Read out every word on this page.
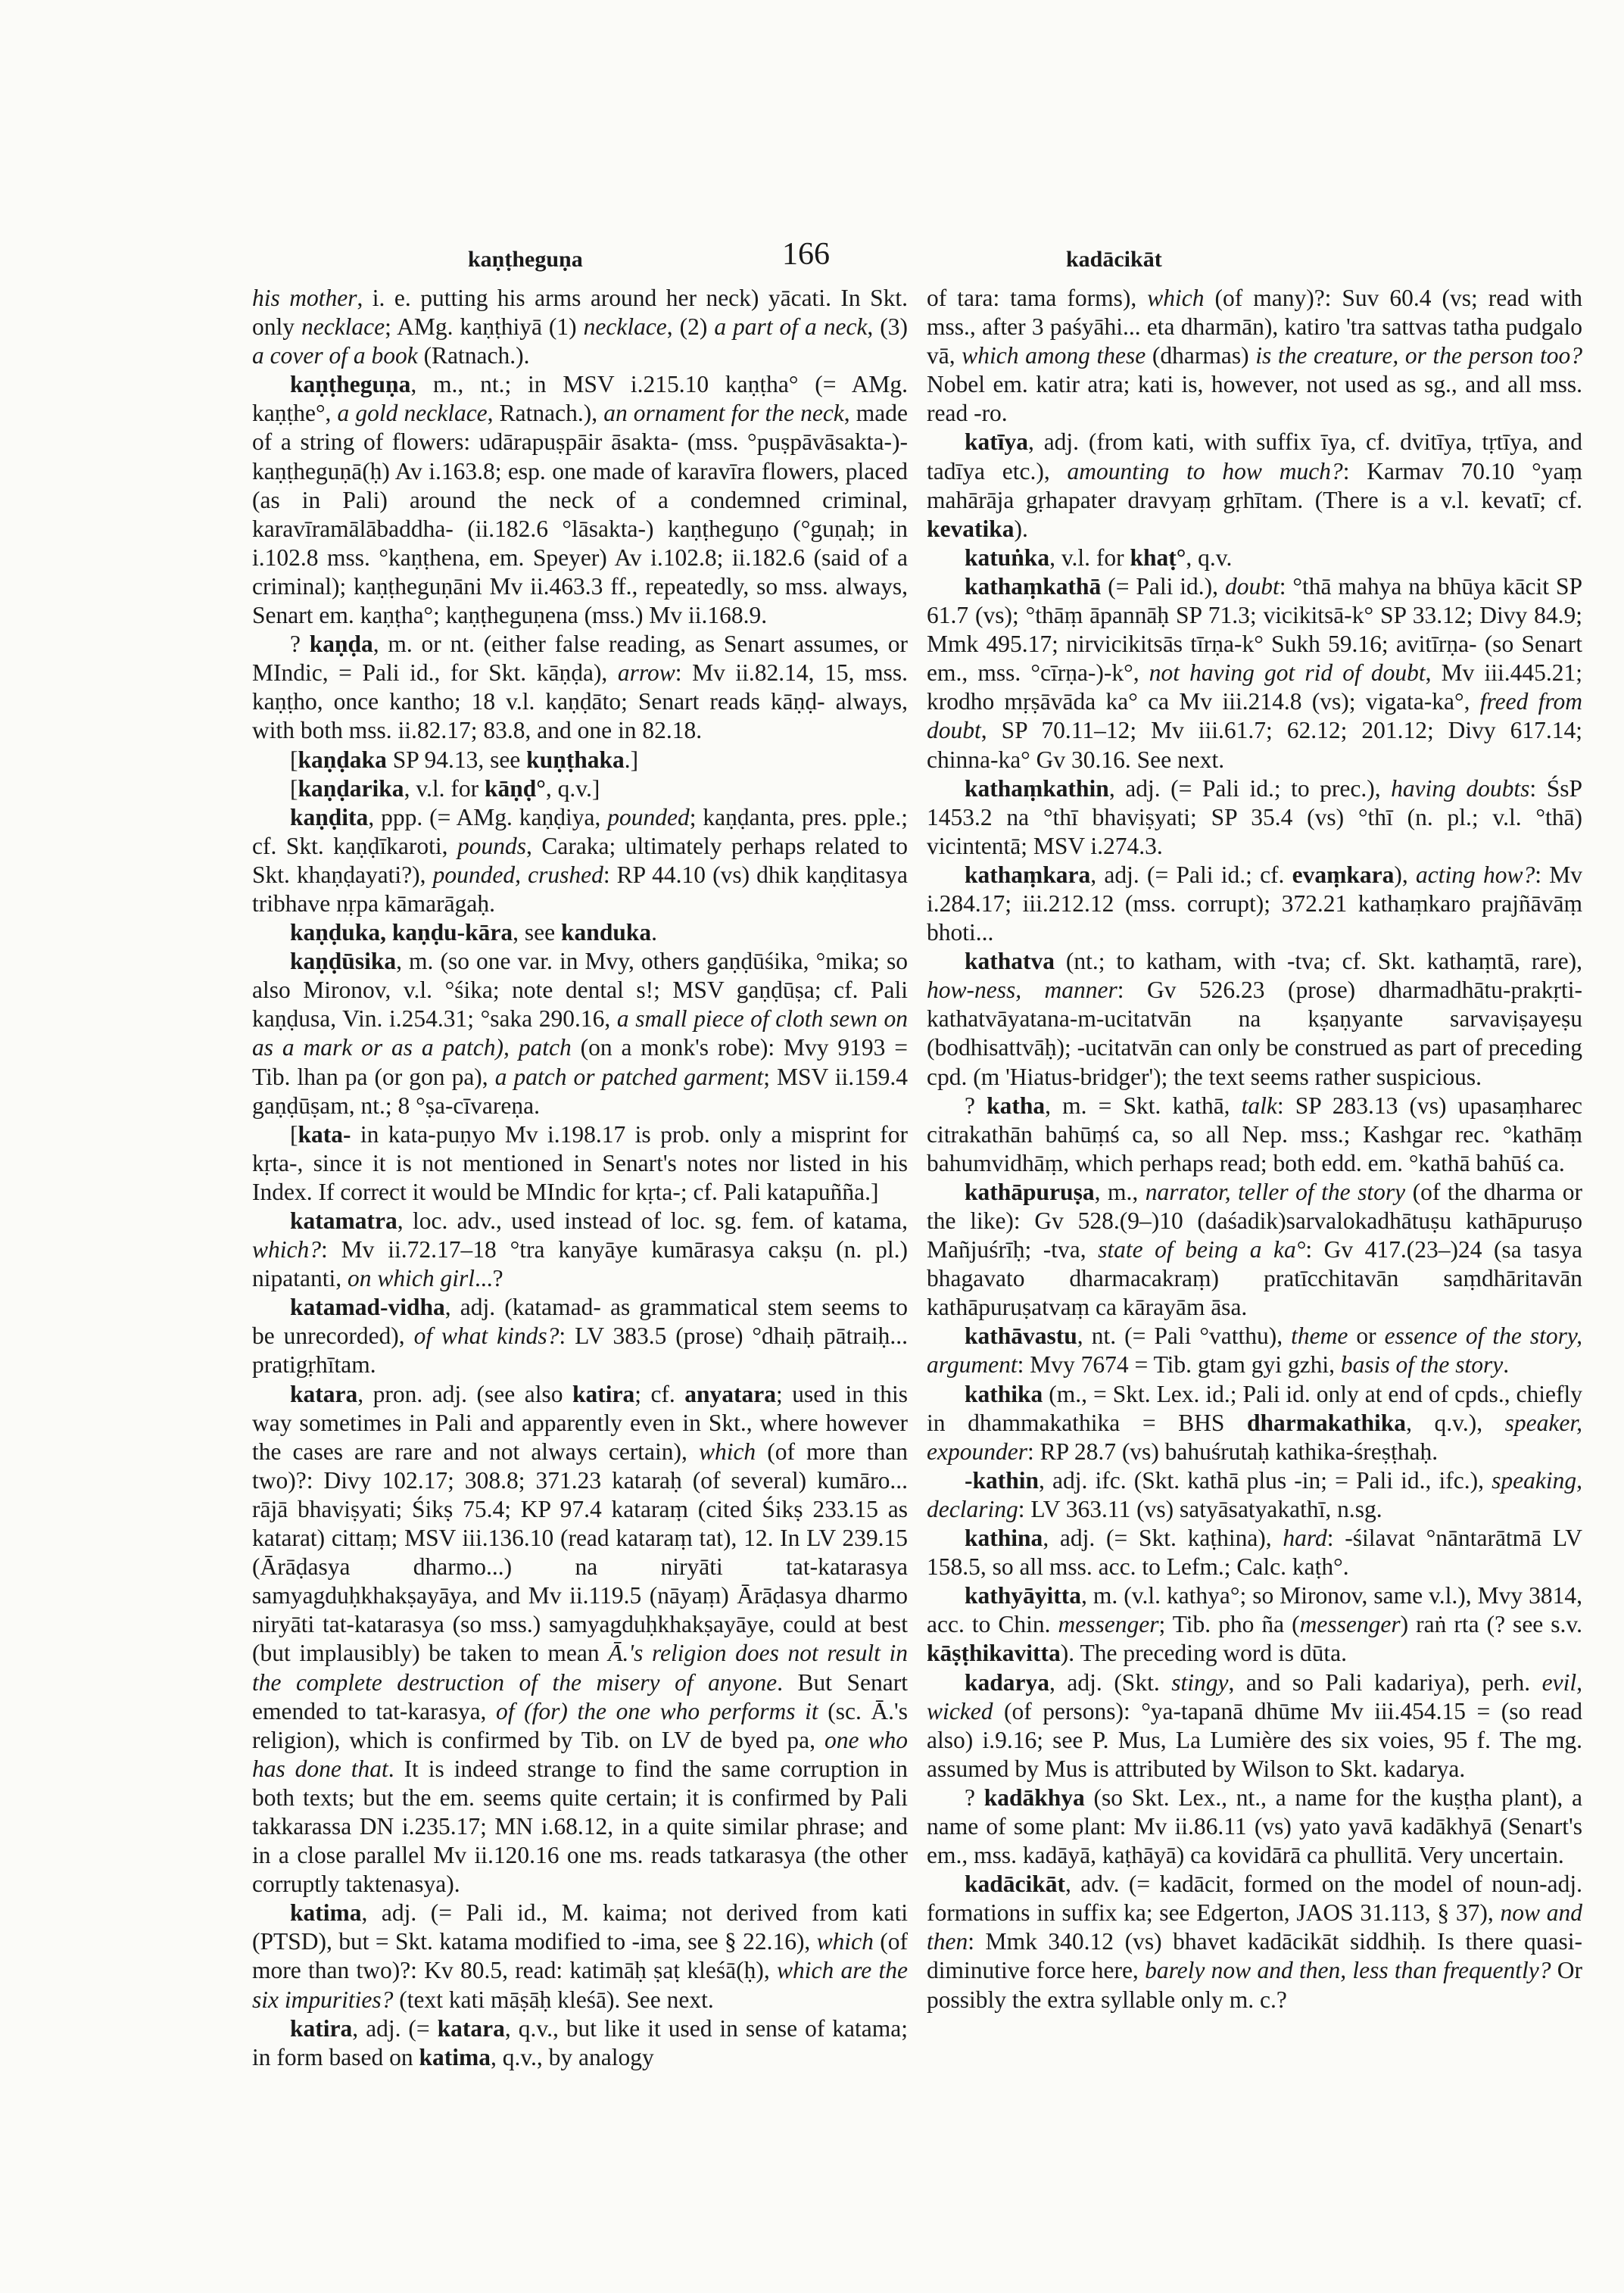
kaṇṭheguṇa	166	kadācikāt

his mother, i. e. putting his arms around her neck) yācati. In Skt. only necklace; AMg. kaṇṭhiyā (1) necklace, (2) a part of a neck, (3) a cover of a book (Ratnach.).

kaṇṭheguṇa, m., nt.; in MSV i.215.10 kaṇṭha° (= AMg. kaṇṭhe°, a gold necklace, Ratnach.), an ornament for the neck, made of a string of flowers: udārapuṣpāir āsakta- (mss. °puṣpāvāsakta-)-kaṇṭheguṇā(ḥ) Av i.163.8; esp. one made of karavīra flowers, placed (as in Pali) around the neck of a condemned criminal, karavīramālābaddha- (ii.182.6 °lāsakta-) kaṇṭheguṇo (°guṇaḥ; in i.102.8 mss. °kaṇṭhena, em. Speyer) Av i.102.8; ii.182.6 (said of a criminal); kaṇṭheguṇāni Mv ii.463.3 ff., repeatedly, so mss. always, Senart em. kaṇṭha°; kaṇṭheguṇena (mss.) Mv ii.168.9.

? kaṇḍa, m. or nt. (either false reading, as Senart assumes, or MIndic, = Pali id., for Skt. kāṇḍa), arrow: Mv ii.82.14, 15, mss. kaṇṭho, once kantho; 18 v.l. kaṇḍāto; Senart reads kāṇḍ- always, with both mss. ii.82.17; 83.8, and one in 82.18.

[kaṇḍaka SP 94.13, see kuṇṭhaka.]

[kaṇḍarika, v.l. for kāṇḍ°, q.v.]

kaṇḍita, ppp. (= AMg. kaṇḍiya, pounded; kaṇḍanta, pres. pple.; cf. Skt. kaṇḍīkaroti, pounds, Caraka; ultimately perhaps related to Skt. khaṇḍayati?), pounded, crushed: RP 44.10 (vs) dhik kaṇḍitasya tribhave nṛpa kāmarāgaḥ.

kaṇḍuka, kaṇḍu-kāra, see kanduka.

kaṇḍūsika, m. (so one var. in Mvy, others gaṇḍūśika, °mika; so also Mironov, v.l. °śika; note dental s!; MSV gaṇḍūṣa; cf. Pali kaṇḍusa, Vin. i.254.31; °saka 290.16, a small piece of cloth sewn on as a mark or as a patch), patch (on a monk's robe): Mvy 9193 = Tib. lhan pa (or gon pa), a patch or patched garment; MSV ii.159.4 gaṇḍūṣam, nt.; 8 °ṣa-cīvareṇa.

[kata- in kata-puṇyo Mv i.198.17 is prob. only a misprint for kṛta-, since it is not mentioned in Senart's notes nor listed in his Index. If correct it would be MIndic for kṛta-; cf. Pali katapuñña.]

katamatra, loc. adv., used instead of loc. sg. fem. of katama, which?: Mv ii.72.17–18 °tra kanyāye kumārasya cakṣu (n. pl.) nipatanti, on which girl...?

katamad-vidha, adj. (katamad- as grammatical stem seems to be unrecorded), of what kinds?: LV 383.5 (prose) °dhaiḥ pātraiḥ... pratigṛhītam.

katara, pron. adj. (see also katira; cf. anyatara; used in this way sometimes in Pali and apparently even in Skt., where however the cases are rare and not always certain), which (of more than two)?: Divy 102.17; 308.8; 371.23 kataraḥ (of several) kumāro... rājā bhaviṣyati; Śikṣ 75.4; KP 97.4 kataraṃ (cited Śikṣ 233.15 as katarat) cittaṃ; MSV iii.136.10 (read kataraṃ tat), 12. In LV 239.15 (Ārāḍasya dharmo...) na niryāti tat-katarasya samyagduḥkhakṣayāya, and Mv ii.119.5 (nāyaṃ) Ārāḍasya dharmo niryāti tat-katarasya (so mss.) samyagduḥkhakṣayāye, could at best (but implausibly) be taken to mean Ā.'s religion does not result in the complete destruction of the misery of anyone. But Senart emended to tat-karasya, of (for) the one who performs it (sc. Ā.'s religion), which is confirmed by Tib. on LV de byed pa, one who has done that. It is indeed strange to find the same corruption in both texts; but the em. seems quite certain; it is confirmed by Pali takkarassa DN i.235.17; MN i.68.12, in a quite similar phrase; and in a close parallel Mv ii.120.16 one ms. reads tatkarasya (the other corruptly taktenasya).

katima, adj. (= Pali id., M. kaima; not derived from kati (PTSD), but = Skt. katama modified to -ima, see § 22.16), which (of more than two)?: Kv 80.5, read: katimāḥ ṣaṭ kleśā(ḥ), which are the six impurities? (text kati māṣāḥ kleśā). See next.

katira, adj. (= katara, q.v., but like it used in sense of katama; in form based on katima, q.v., by analogy

of tara: tama forms), which (of many)?: Suv 60.4 (vs; read with mss., after 3 paśyāhi... eta dharmān), katiro 'tra sattvas tatha pudgalo vā, which among these (dharmas) is the creature, or the person too? Nobel em. katir atra; kati is, however, not used as sg., and all mss. read -ro.

katīya, adj. (from kati, with suffix īya, cf. dvitīya, tṛtīya, and tadīya etc.), amounting to how much?: Karmav 70.10 °yaṃ mahārāja gṛhapater dravyaṃ gṛhītam. (There is a v.l. kevatī; cf. kevatika).

katuṅka, v.l. for khaṭ°, q.v.

kathaṃkathā (= Pali id.), doubt: °thā mahya na bhūya kācit SP 61.7 (vs); °thāṃ āpannāḥ SP 71.3; vicikitsā-k° SP 33.12; Divy 84.9; Mmk 495.17; nirvicikitsās tīrṇa-k° Sukh 59.16; avitīrṇa- (so Senart em., mss. °cīrṇa-)-k°, not having got rid of doubt, Mv iii.445.21; krodho mṛṣāvāda ka° ca Mv iii.214.8 (vs); vigata-ka°, freed from doubt, SP 70.11–12; Mv iii.61.7; 62.12; 201.12; Divy 617.14; chinna-ka° Gv 30.16. See next.

kathaṃkathin, adj. (= Pali id.; to prec.), having doubts: ŚsP 1453.2 na °thī bhaviṣyati; SP 35.4 (vs) °thī (n. pl.; v.l. °thā) vicintentā; MSV i.274.3.

kathaṃkara, adj. (= Pali id.; cf. evaṃkara), acting how?: Mv i.284.17; iii.212.12 (mss. corrupt); 372.21 kathaṃkaro prajñāvāṃ bhoti...

kathatva (nt.; to katham, with -tva; cf. Skt. kathaṃtā, rare), how-ness, manner: Gv 526.23 (prose) dharmadhātu-prakṛti-kathatvāyatana-m-ucitatvān na kṣaṇyante sarvaviṣayeṣu (bodhisattvāḥ); -ucitatvān can only be construed as part of preceding cpd. (m 'Hiatus-bridger'); the text seems rather suspicious.

? katha, m. = Skt. kathā, talk: SP 283.13 (vs) upasaṃharec citrakathān bahūṃś ca, so all Nep. mss.; Kashgar rec. °kathāṃ bahumvidhāṃ, which perhaps read; both edd. em. °kathā bahūś ca.

kathāpuruṣa, m., narrator, teller of the story (of the dharma or the like): Gv 528.(9–)10 (daśadik)sarvalokadhātuṣu kathāpuruṣo Mañjuśrīḥ; -tva, state of being a ka°: Gv 417.(23–)24 (sa tasya bhagavato dharmacakraṃ) pratīcchitavān saṃdhāritavān kathāpuruṣatvaṃ ca kārayām āsa.

kathāvastu, nt. (= Pali °vatthu), theme or essence of the story, argument: Mvy 7674 = Tib. gtam gyi gzhi, basis of the story.

kathika (m., = Skt. Lex. id.; Pali id. only at end of cpds., chiefly in dhammakathika = BHS dharmakathika, q.v.), speaker, expounder: RP 28.7 (vs) bahuśrutaḥ kathika-śreṣṭhaḥ.

-kathin, adj. ifc. (Skt. kathā plus -in; = Pali id., ifc.), speaking, declaring: LV 363.11 (vs) satyāsatyakathī, n.sg.

kathina, adj. (= Skt. kaṭhina), hard: -śilavat °nāntarātmā LV 158.5, so all mss. acc. to Lefm.; Calc. kaṭh°.

kathyāyitta, m. (v.l. kathya°; so Mironov, same v.l.), Mvy 3814, acc. to Chin. messenger; Tib. pho ña (messenger) raṅ rta (? see s.v. kāṣṭhikavitta). The preceding word is dūta.

kadarya, adj. (Skt. stingy, and so Pali kadariya), perh. evil, wicked (of persons): °ya-tapanā dhūme Mv iii.454.15 = (so read also) i.9.16; see P. Mus, La Lumière des six voies, 95 f. The mg. assumed by Mus is attributed by Wilson to Skt. kadarya.

? kadākhya (so Skt. Lex., nt., a name for the kuṣṭha plant), a name of some plant: Mv ii.86.11 (vs) yato yavā kadākhyā (Senart's em., mss. kadāyā, kaṭhāyā) ca kovidārā ca phullitā. Very uncertain.

kadācikāt, adv. (= kadācit, formed on the model of noun-adj. formations in suffix ka; see Edgerton, JAOS 31.113, § 37), now and then: Mmk 340.12 (vs) bhavet kadācikāt siddhiḥ. Is there quasi-diminutive force here, barely now and then, less than frequently? Or possibly the extra syllable only m. c.?
